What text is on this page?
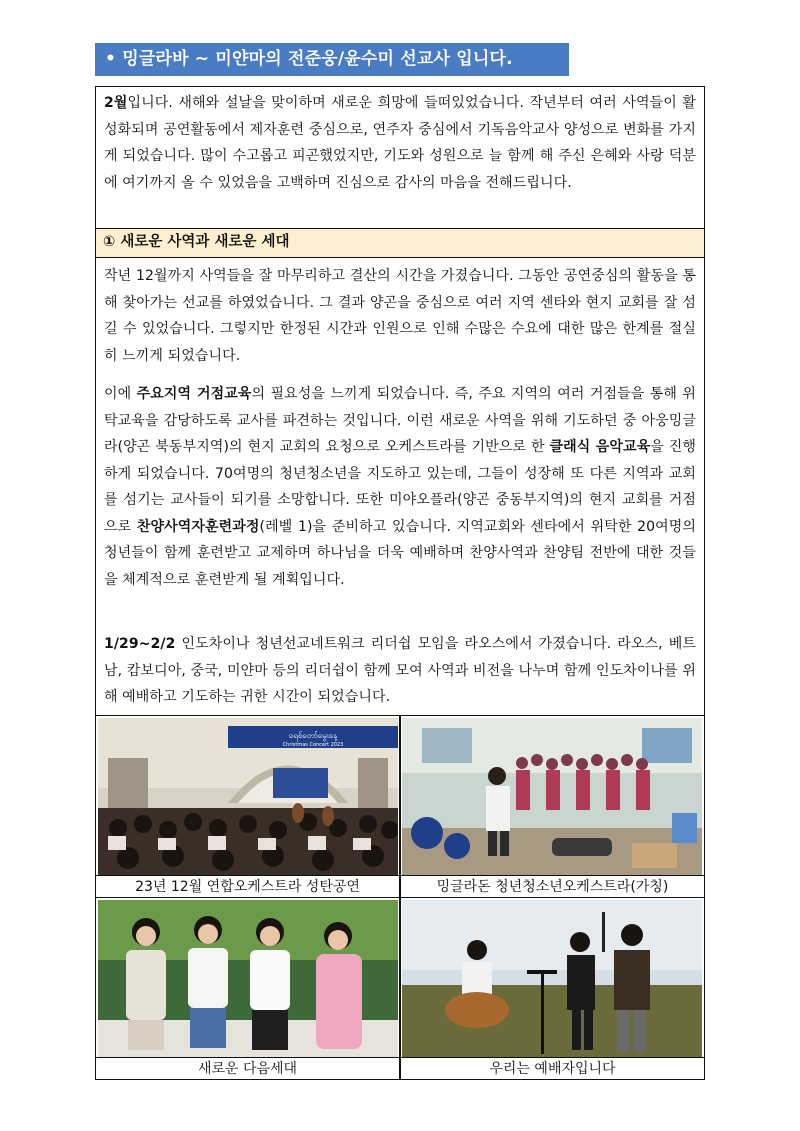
• 밍글라바 ~ 미얀마의 전준웅/윤수미 선교사 입니다.
2월입니다. 새해와 설날을 맞이하며 새로운 희망에 들떠있었습니다. 작년부터 여러 사역들이 활성화되며 공연활동에서 제자훈련 중심으로, 연주자 중심에서 기독음악교사 양성으로 변화를 가지게 되었습니다. 많이 수고롭고 피곤했었지만, 기도와 성원으로 늘 함께 해 주신 은혜와 사랑 덕분에 여기까지 올 수 있었음을 고백하며 진심으로 감사의 마음을 전해드립니다.
① 새로운 사역과 새로운 세대
작년 12월까지 사역들을 잘 마무리하고 결산의 시간을 가졌습니다. 그동안 공연중심의 활동을 통해 찾아가는 선교를 하였었습니다. 그 결과 양곤을 중심으로 여러 지역 센타와 현지 교회를 잘 섬길 수 있었습니다. 그렇지만 한정된 시간과 인원으로 인해 수많은 수요에 대한 많은 한계를 절실히 느끼게 되었습니다.
이에 주요지역 거점교육의 필요성을 느끼게 되었습니다. 즉, 주요 지역의 여러 거점들을 통해 위탁교육을 감당하도록 교사를 파견하는 것입니다. 이런 새로운 사역을 위해 기도하던 중 아웅밍글라(양곤 북동부지역)의 현지 교회의 요청으로 오케스트라를 기반으로 한 클래식 음악교육을 진행하게 되었습니다. 70여명의 청년청소년을 지도하고 있는데, 그들이 성장해 또 다른 지역과 교회를 섬기는 교사들이 되기를 소망합니다. 또한 미야오플라(양곤 중동부지역)의 현지 교회를 거점으로 찬양사역자훈련과정(레벨 1)을 준비하고 있습니다. 지역교회와 센타에서 위탁한 20여명의 청년들이 함께 훈련받고 교제하며 하나님을 더욱 예배하며 찬양사역과 찬양팀 전반에 대한 것들을 체계적으로 훈련받게 될 계획입니다.
1/29~2/2 인도차이나 청년선교네트워크 리더쉽 모임을 라오스에서 가졌습니다. 라오스, 베트남, 캄보디아, 중국, 미얀마 등의 리더쉽이 함께 모여 사역과 비전을 나누며 함께 인도차이나를 위해 예배하고 기도하는 귀한 시간이 되었습니다.
ခရစ်တော်မွေးနေ့
Christmas Concert 2023
23년 12월 연합오케스트라 성탄공연	밍글라돈 청년청소년오케스트라(가칭)
새로운 다음세대	우리는 예배자입니다
